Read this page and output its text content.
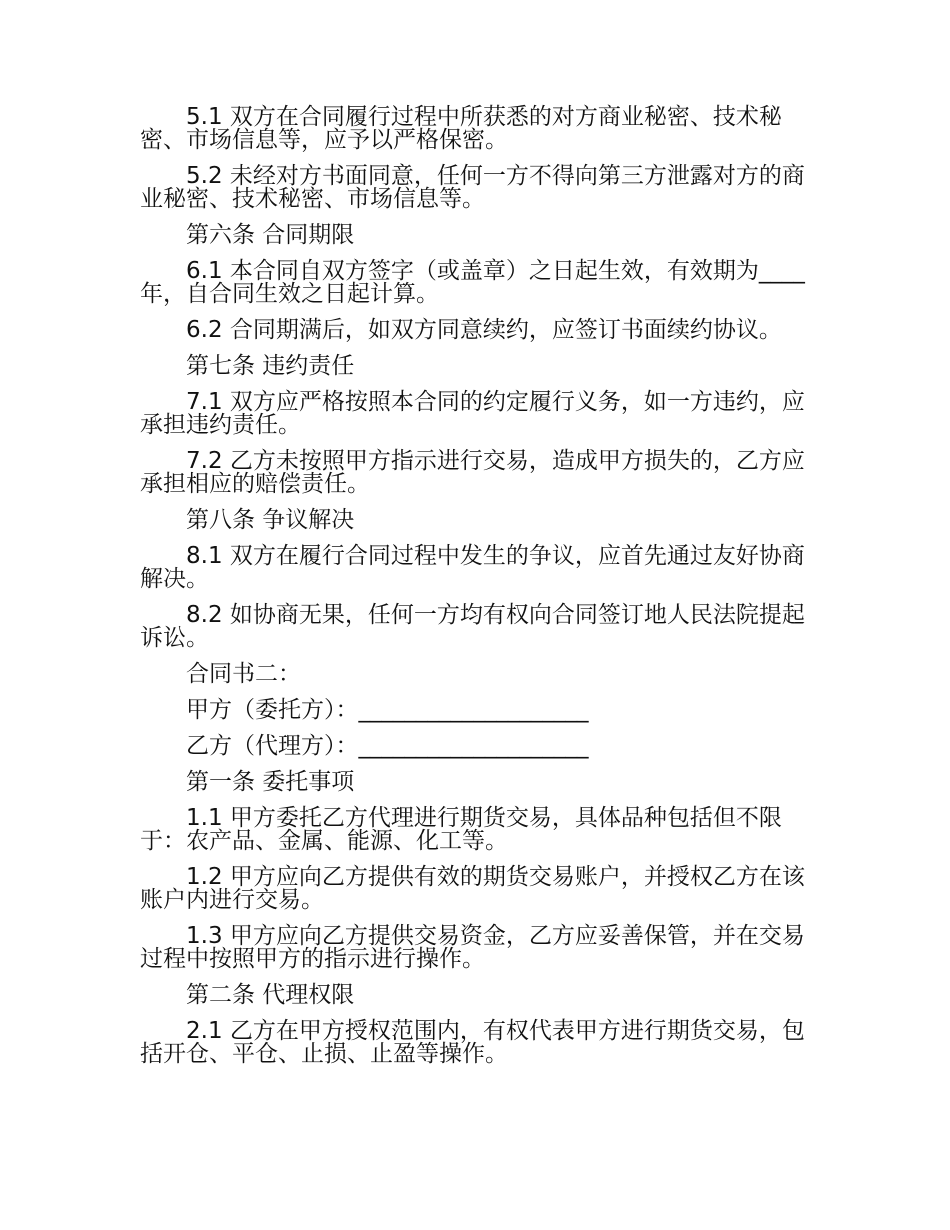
5.1 双方在合同履行过程中所获悉的对方商业秘密、技术秘密、市场信息等，应予以严格保密。

5.2 未经对方书面同意，任何一方不得向第三方泄露对方的商业秘密、技术秘密、市场信息等。

第六条 合同期限

6.1 本合同自双方签字（或盖章）之日起生效，有效期为____年，自合同生效之日起计算。

6.2 合同期满后，如双方同意续约，应签订书面续约协议。

第七条 违约责任

7.1 双方应严格按照本合同的约定履行义务，如一方违约，应承担违约责任。

7.2 乙方未按照甲方指示进行交易，造成甲方损失的，乙方应承担相应的赔偿责任。

第八条 争议解决

8.1 双方在履行合同过程中发生的争议，应首先通过友好协商解决。

8.2 如协商无果，任何一方均有权向合同签订地人民法院提起诉讼。

合同书二：

甲方（委托方）：____________________

乙方（代理方）：____________________

第一条 委托事项

1.1 甲方委托乙方代理进行期货交易，具体品种包括但不限于：农产品、金属、能源、化工等。

1.2 甲方应向乙方提供有效的期货交易账户，并授权乙方在该账户内进行交易。

1.3 甲方应向乙方提供交易资金，乙方应妥善保管，并在交易过程中按照甲方的指示进行操作。

第二条 代理权限

2.1 乙方在甲方授权范围内，有权代表甲方进行期货交易，包括开仓、平仓、止损、止盈等操作。
